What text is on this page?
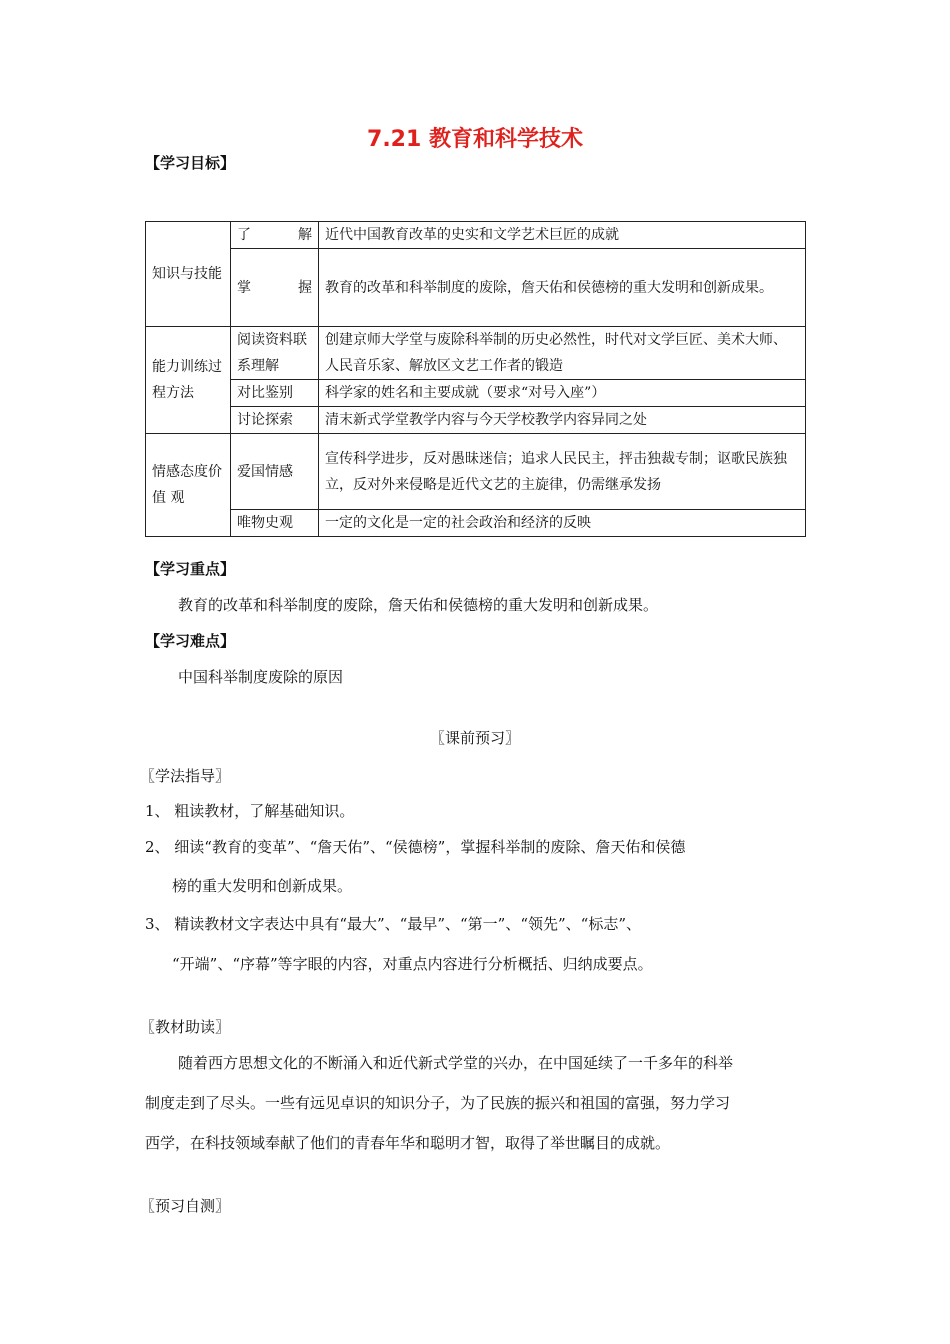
7.21 教育和科学技术
【学习目标】
知识与技能	了 解	近代中国教育改革的史实和文学艺术巨匠的成就
	掌 握	教育的改革和科举制度的废除，詹天佑和侯德榜的重大发明和创新成果。
能力训练过程方法	阅读资料联系理解	创建京师大学堂与废除科举制的历史必然性，时代对文学巨匠、美术大师、人民音乐家、解放区文艺工作者的锻造
	对比鉴别	科学家的姓名和主要成就（要求“对号入座”）
	讨论探索	清末新式学堂教学内容与今天学校教学内容异同之处
情感态度价 值 观	爱国情感	宣传科学进步，反对愚昧迷信；追求人民民主，抨击独裁专制；讴歌民族独立，反对外来侵略是近代文艺的主旋律，仍需继承发扬
	唯物史观	一定的文化是一定的社会政治和经济的反映
【学习重点】
教育的改革和科举制度的废除，詹天佑和侯德榜的重大发明和创新成果。
【学习难点】
中国科举制度废除的原因
〖课前预习〗
〖学法指导〗
1、 粗读教材，了解基础知识。
2、 细读“教育的变革”、“詹天佑”、“侯德榜”，掌握科举制的废除、詹天佑和侯德
榜的重大发明和创新成果。
3、 精读教材文字表达中具有“最大”、“最早”、“第一”、“领先”、“标志”、
“开端”、“序幕”等字眼的内容，对重点内容进行分析概括、归纳成要点。
〖教材助读〗
随着西方思想文化的不断涌入和近代新式学堂的兴办，在中国延续了一千多年的科举
制度走到了尽头。一些有远见卓识的知识分子，为了民族的振兴和祖国的富强，努力学习
西学，在科技领域奉献了他们的青春年华和聪明才智，取得了举世瞩目的成就。
〖预习自测〗
